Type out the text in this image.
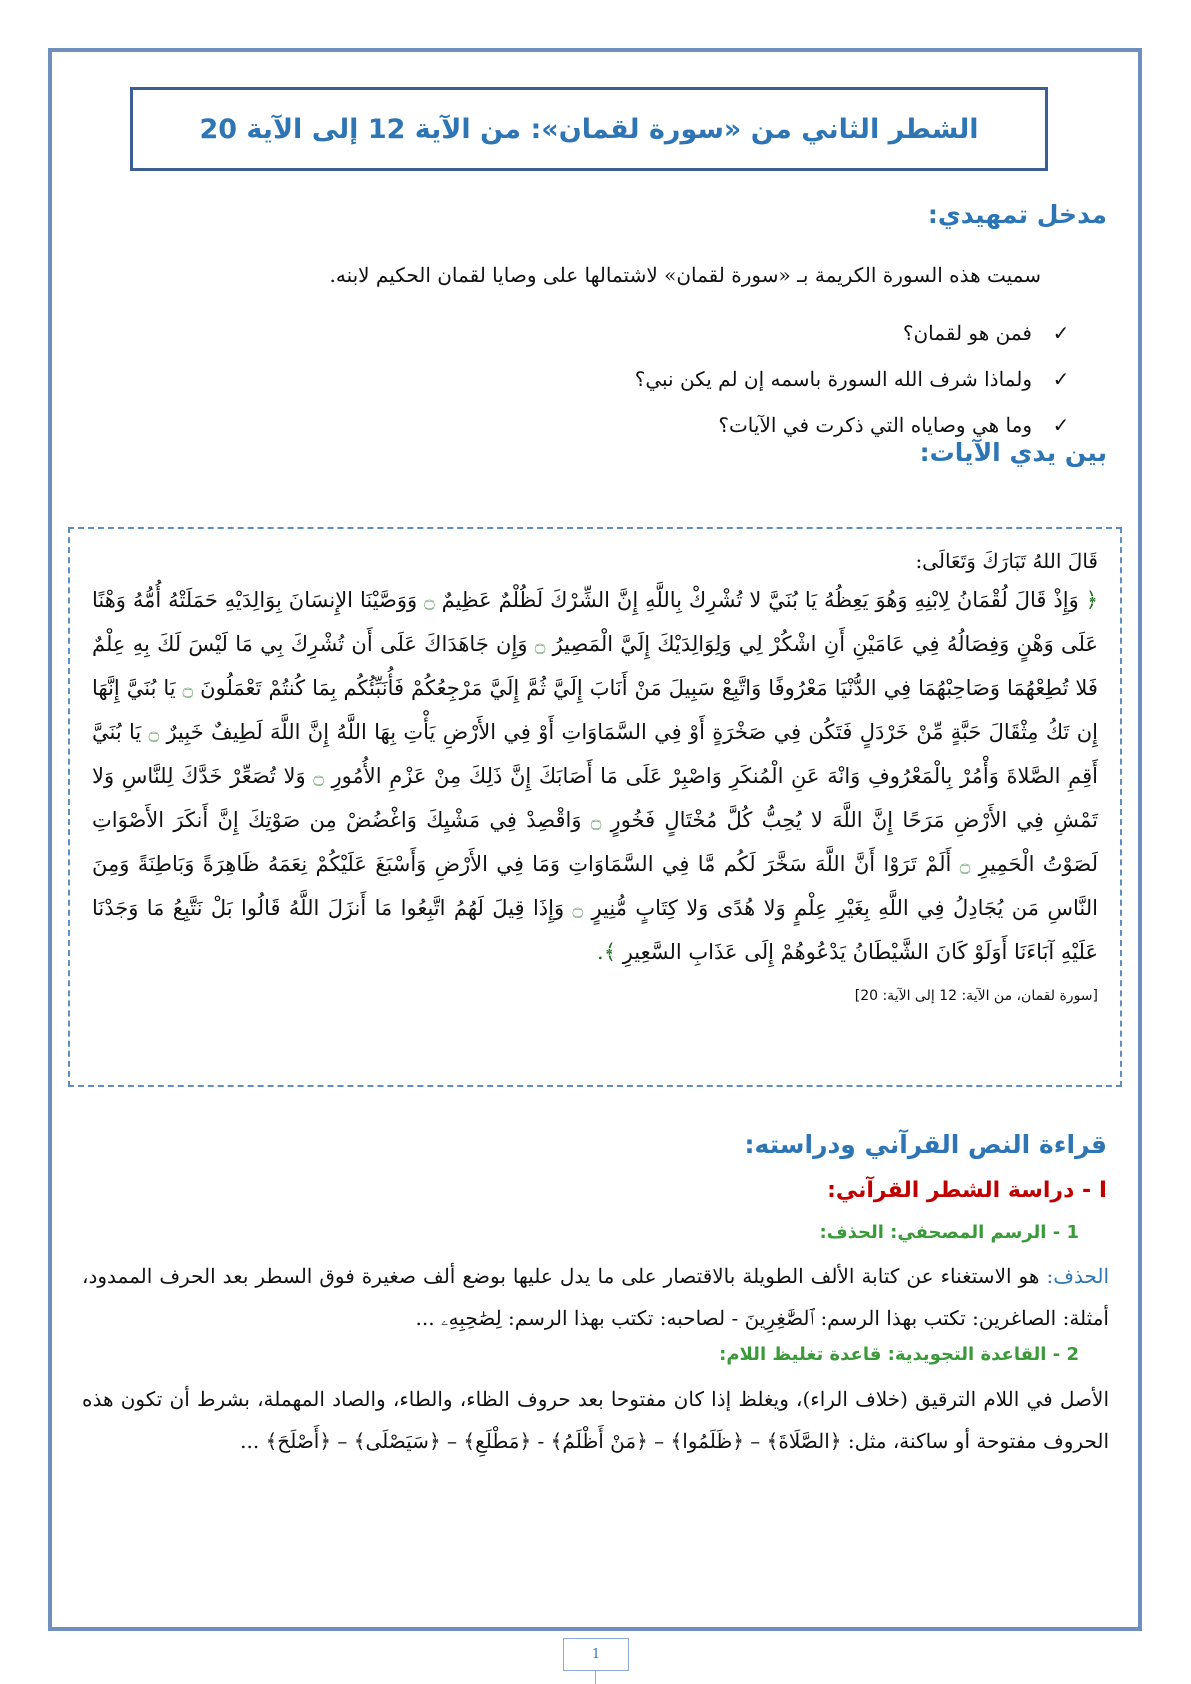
الشطر الثاني من «سورة لقمان»: من الآية 12 إلى الآية 20
مدخل تمهيدي:
سميت هذه السورة الكريمة بـ «سورة لقمان» لاشتمالها على وصايا لقمان الحكيم لابنه.
✓
فمن هو لقمان؟
✓
ولماذا شرف الله السورة باسمه إن لم يكن نبي؟
✓
وما هي وصاياه التي ذكرت في الآيات؟
بين يدي الآيات:
قَالَ اللهُ تَبَارَكَ وَتَعَالَى:
﴿ وَإِذْ قَالَ لُقْمَانُ لِابْنِهِ وَهُوَ يَعِظُهُ يَا بُنَيَّ لا تُشْرِكْ بِاللَّهِ إِنَّ الشِّرْكَ لَظُلْمٌ عَظِيمٌ ۝ وَوَصَّيْنَا الإِنسَانَ بِوَالِدَيْهِ حَمَلَتْهُ أُمُّهُ وَهْنًا عَلَى وَهْنٍ وَفِصَالُهُ فِي عَامَيْنِ أَنِ اشْكُرْ لِي وَلِوَالِدَيْكَ إِلَيَّ الْمَصِيرُ ۝ وَإِن جَاهَدَاكَ عَلَى أَن تُشْرِكَ بِي مَا لَيْسَ لَكَ بِهِ عِلْمٌ فَلا تُطِعْهُمَا وَصَاحِبْهُمَا فِي الدُّنْيَا مَعْرُوفًا وَاتَّبِعْ سَبِيلَ مَنْ أَنَابَ إِلَيَّ ثُمَّ إِلَيَّ مَرْجِعُكُمْ فَأُنَبِّئُكُم بِمَا كُنتُمْ تَعْمَلُونَ ۝ يَا بُنَيَّ إِنَّهَا إِن تَكُ مِثْقَالَ حَبَّةٍ مِّنْ خَرْدَلٍ فَتَكُن فِي صَخْرَةٍ أَوْ فِي السَّمَاوَاتِ أَوْ فِي الأَرْضِ يَأْتِ بِهَا اللَّهُ إِنَّ اللَّهَ لَطِيفٌ خَبِيرٌ ۝ يَا بُنَيَّ أَقِمِ الصَّلاةَ وَأْمُرْ بِالْمَعْرُوفِ وَانْهَ عَنِ الْمُنكَرِ وَاصْبِرْ عَلَى مَا أَصَابَكَ إِنَّ ذَلِكَ مِنْ عَزْمِ الأُمُورِ ۝ وَلا تُصَعِّرْ خَدَّكَ لِلنَّاسِ وَلا تَمْشِ فِي الأَرْضِ مَرَحًا إِنَّ اللَّهَ لا يُحِبُّ كُلَّ مُخْتَالٍ فَخُورٍ ۝ وَاقْصِدْ فِي مَشْيِكَ وَاغْضُضْ مِن صَوْتِكَ إِنَّ أَنكَرَ الأَصْوَاتِ لَصَوْتُ الْحَمِيرِ ۝ أَلَمْ تَرَوْا أَنَّ اللَّهَ سَخَّرَ لَكُم مَّا فِي السَّمَاوَاتِ وَمَا فِي الأَرْضِ وَأَسْبَغَ عَلَيْكُمْ نِعَمَهُ ظَاهِرَةً وَبَاطِنَةً وَمِنَ النَّاسِ مَن يُجَادِلُ فِي اللَّهِ بِغَيْرِ عِلْمٍ وَلا هُدًى وَلا كِتَابٍ مُّنِيرٍ ۝ وَإِذَا قِيلَ لَهُمُ اتَّبِعُوا مَا أَنزَلَ اللَّهُ قَالُوا بَلْ نَتَّبِعُ مَا وَجَدْنَا عَلَيْهِ آبَاءَنَا أَوَلَوْ كَانَ الشَّيْطَانُ يَدْعُوهُمْ إِلَى عَذَابِ السَّعِيرِ ﴾.
[سورة لقمان، من الآية: 12 إلى الآية: 20]
قراءة النص القرآني ودراسته:
I - دراسة الشطر القرآني:
1 - الرسم المصحفي: الحذف:
الحذف: هو الاستغناء عن كتابة الألف الطويلة بالاقتصار على ما يدل عليها بوضع ألف صغيرة فوق السطر بعد الحرف الممدود، أمثلة: الصاغرين: تكتب بهذا الرسم: ٱلصَّٰغِرِينَ - لصاحبه: تكتب بهذا الرسم: لِصَٰحِبِهِۦ ...
2 - القاعدة التجويدية: قاعدة تغليظ اللام:
الأصل في اللام الترقيق (خلاف الراء)، ويغلظ إذا كان مفتوحا بعد حروف الظاء، والطاء، والصاد المهملة، بشرط أن تكون هذه الحروف مفتوحة أو ساكنة، مثل: ﴿الصَّلَاةَ﴾ – ﴿ظَلَمُوا﴾ – ﴿مَنْ أَظْلَمُ﴾ - ﴿مَطْلَعِ﴾ – ﴿سَيَصْلَى﴾ – ﴿أَصْلَحَ﴾ ...
1
